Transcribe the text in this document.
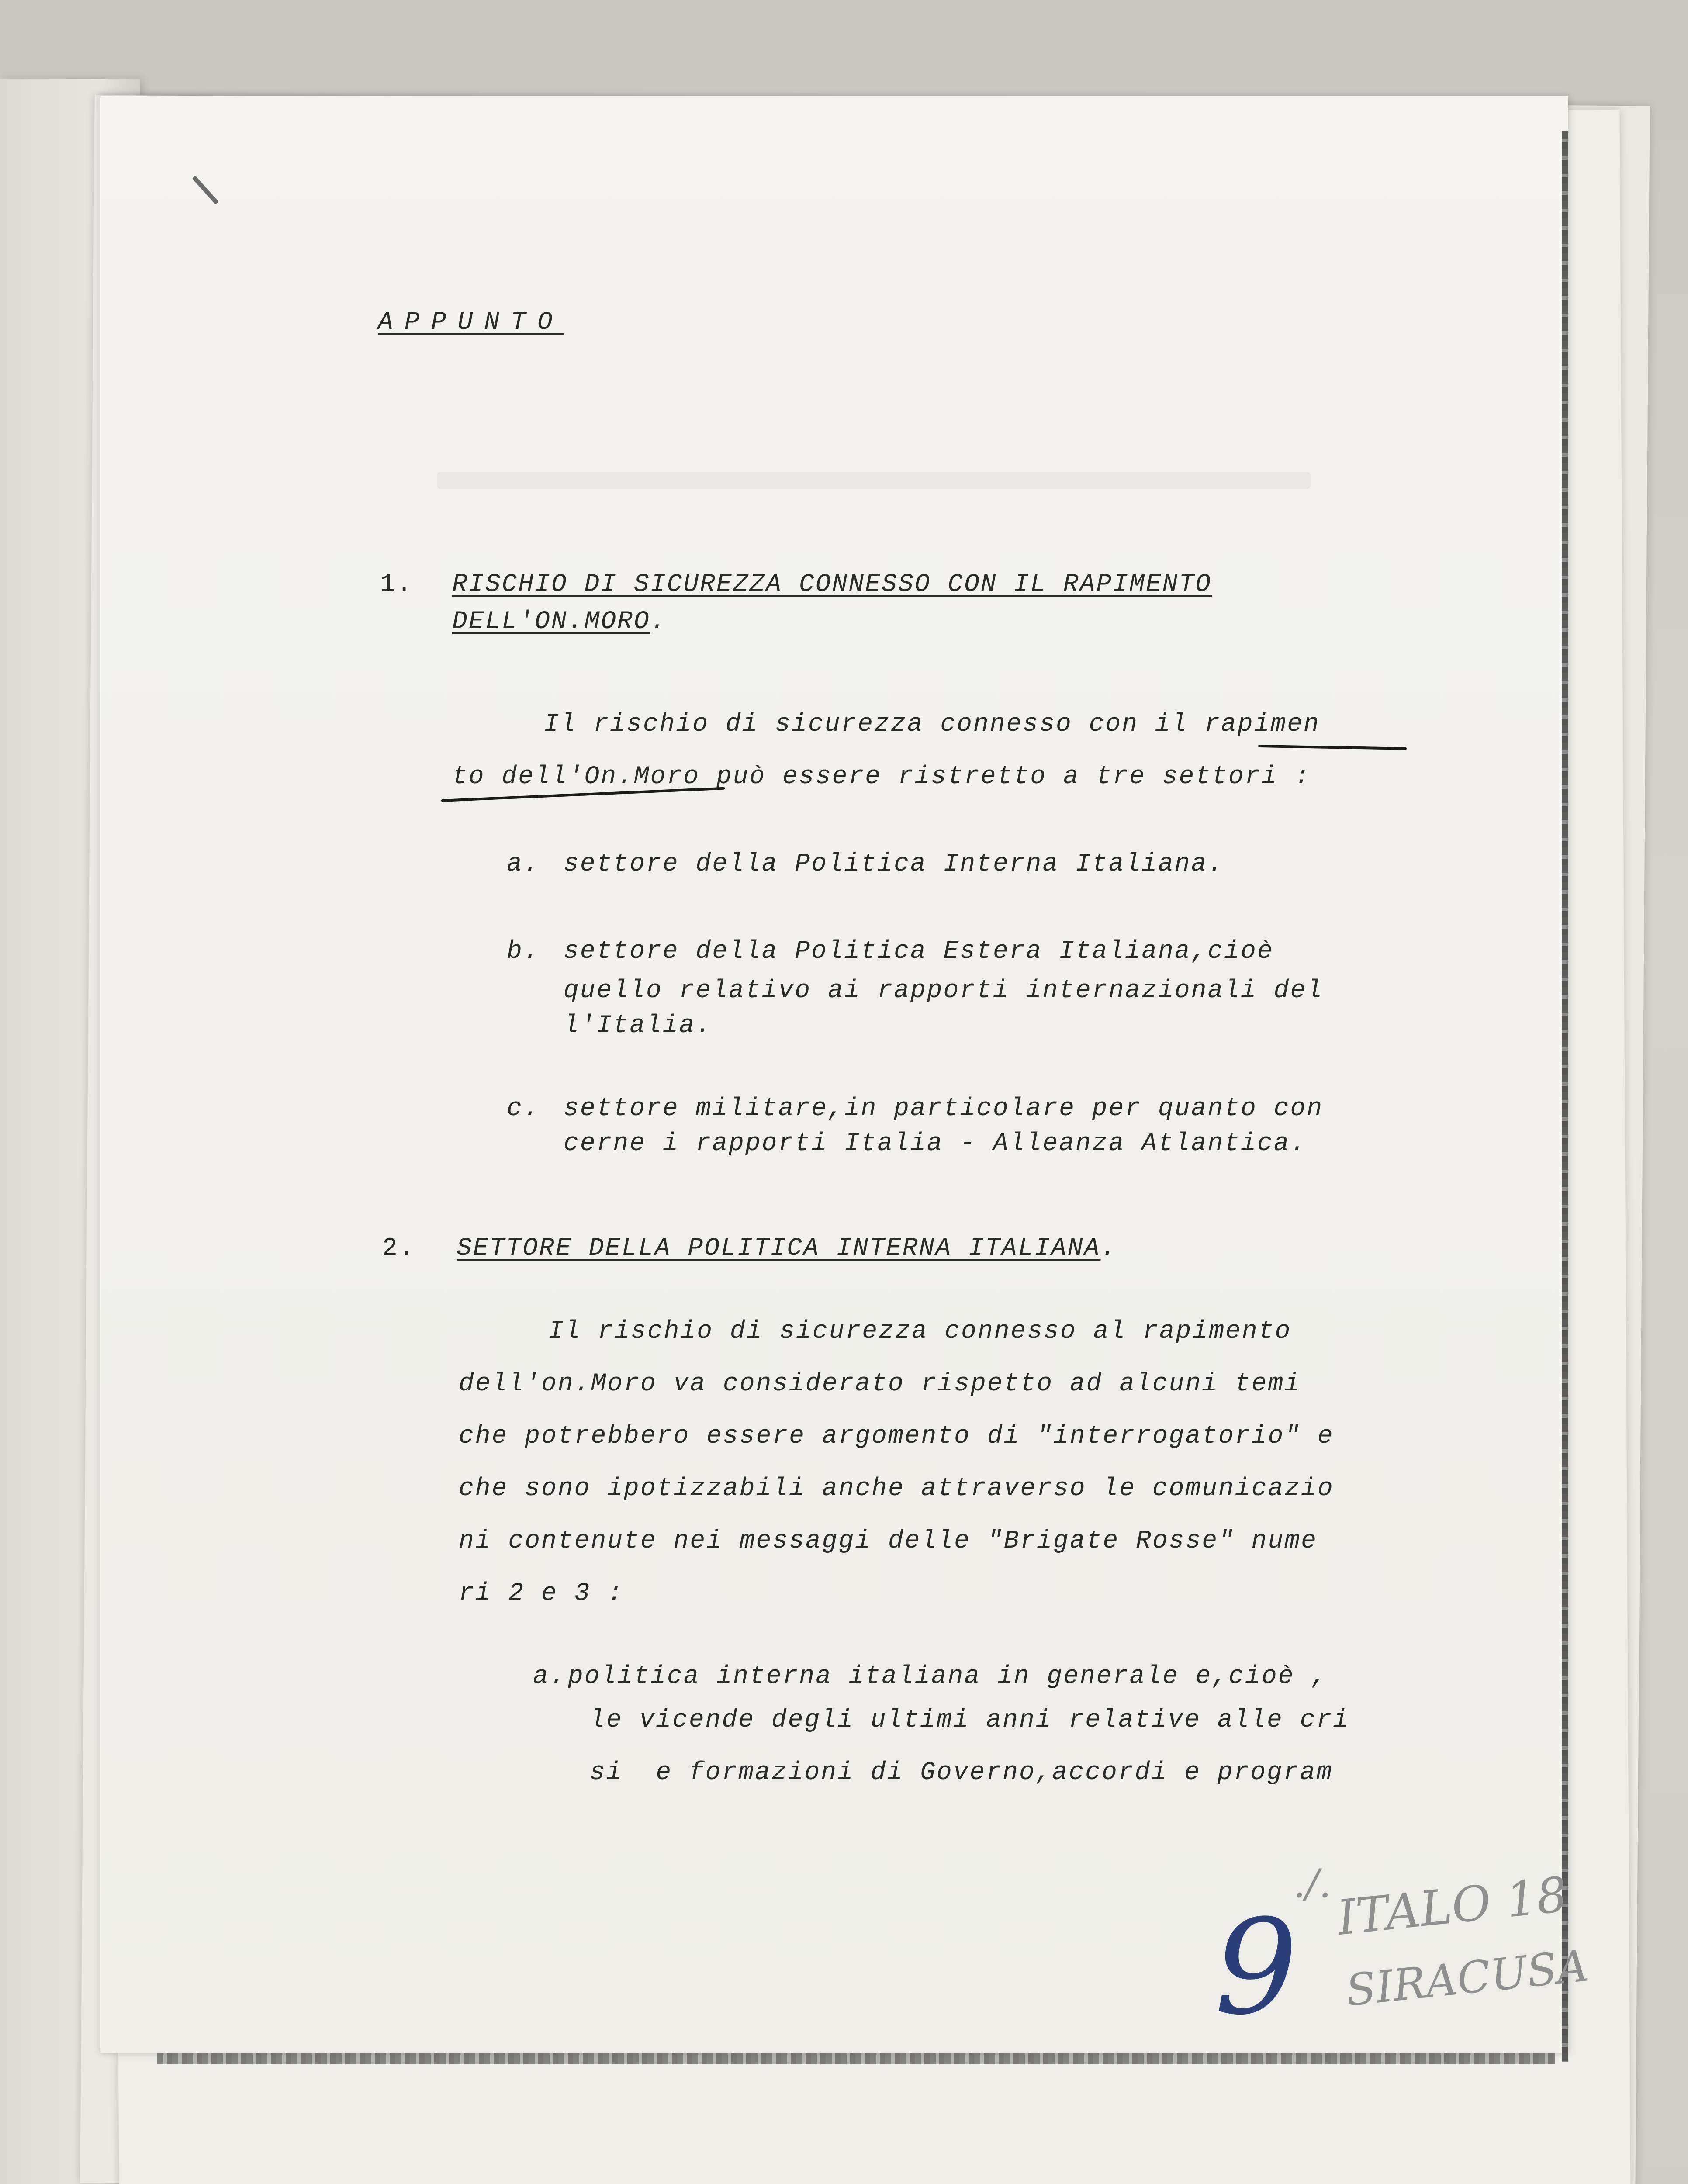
APPUNTO
1. RISCHIO DI SICUREZZA CONNESSO CON IL RAPIMENTO
DELL'ON.MORO.
Il rischio di sicurezza connesso con il rapimen
to dell'On.Moro può essere ristretto a tre settori :
a. settore della Politica Interna Italiana.
b. settore della Politica Estera Italiana,cioè
quello relativo ai rapporti internazionali del
l'Italia.
c. settore militare,in particolare per quanto con
cerne i rapporti Italia - Alleanza Atlantica.
2. SETTORE DELLA POLITICA INTERNA ITALIANA.
Il rischio di sicurezza connesso al rapimento
dell'on.Moro va considerato rispetto ad alcuni temi
che potrebbero essere argomento di "interrogatorio" e
che sono ipotizzabili anche attraverso le comunicazio
ni contenute nei messaggi delle "Brigate Rosse" nume
ri 2 e 3 :
a. politica interna italiana in generale e,cioè ,
le vicende degli ultimi anni relative alle cri
si  e formazioni di Governo,accordi e program
9
./. ITALO 18
SIRACUSA
